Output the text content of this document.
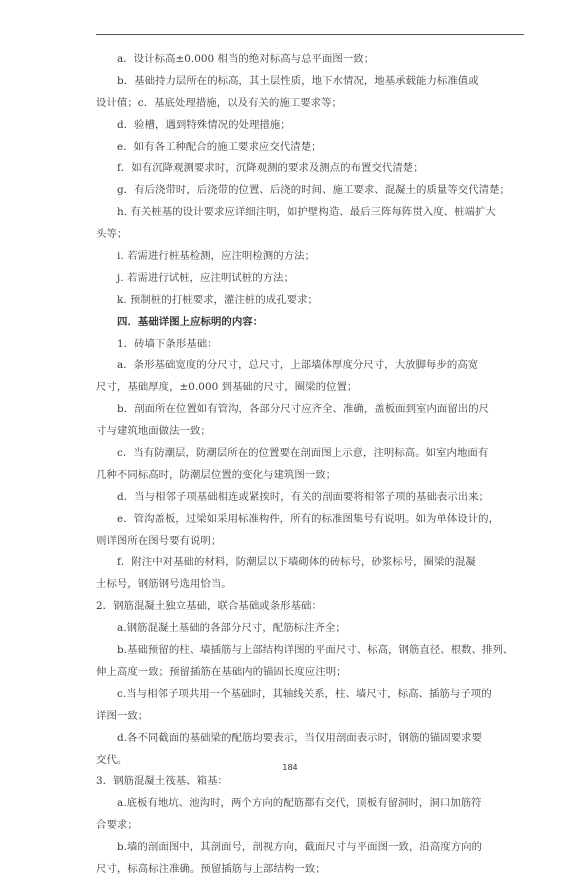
a．设计标高±0.000 相当的绝对标高与总平面图一致；
b．基础持力层所在的标高，其土层性质，地下水情况，地基承载能力标准值或
设计值；c．基底处理措施，以及有关的施工要求等；
d．验槽，遇到特殊情况的处理措施；
e．如有各工种配合的施工要求应交代清楚；
f．如有沉降观测要求时，沉降观测的要求及测点的布置交代清楚；
g．有后浇带时，后浇带的位置、后浇的时间、施工要求、混凝土的质量等交代清楚；
h. 有关桩基的设计要求应详细注明，如护壁构造、最后三阵每阵贯入度、桩端扩大
头等；
i. 若需进行桩基检测，应注明检测的方法；
j. 若需进行试桩，应注明试桩的方法；
k. 预制桩的打桩要求，灌注桩的成孔要求；
四．基础详图上应标明的内容：
1．砖墙下条形基础：
a．条形基础宽度的分尺寸，总尺寸，上部墙体厚度分尺寸，大放脚每步的高宽
尺寸，基础厚度，±0.000 到基础的尺寸，圈梁的位置；
b．剖面所在位置如有管沟，各部分尺寸应齐全、准确，盖板面到室内面留出的尺
寸与建筑地面做法一致；
c．当有防潮层，防潮层所在的位置要在剖面图上示意，注明标高。如室内地面有
几种不同标高时，防潮层位置的变化与建筑图一致；
d．当与相邻子项基础相连或紧挨时，有关的剖面要将相邻子项的基础表示出来；
e．管沟盖板，过梁如采用标准构件，所有的标准图集号有说明。如为单体设计的，
则详图所在图号要有说明；
f．附注中对基础的材料，防潮层以下墙砌体的砖标号，砂浆标号，圈梁的混凝
土标号，钢筋钢号选用恰当。
2．钢筋混凝土独立基础，联合基础或条形基础：
a.钢筋混凝土基础的各部分尺寸，配筋标注齐全；
b.基础预留的柱、墙插筋与上部结构详图的平面尺寸、标高，钢筋直径、根数、排列、
伸上高度一致；预留插筋在基础内的锚固长度应注明；
c.当与相邻子项共用一个基础时，其轴线关系，柱、墙尺寸，标高、插筋与子项的
详图一致；
d.各不同截面的基础梁的配筋均要表示，当仅用剖面表示时，钢筋的锚固要求要
交代。
3．钢筋混凝土筏基、箱基：
a.底板有地坑、池沟时，两个方向的配筋都有交代，顶板有留洞时，洞口加筋符
合要求；
b.墙的剖面图中，其剖面号，剖视方向，截面尺寸与平面图一致，沿高度方向的
尺寸，标高标注准确。预留插筋与上部结构一致；
184
